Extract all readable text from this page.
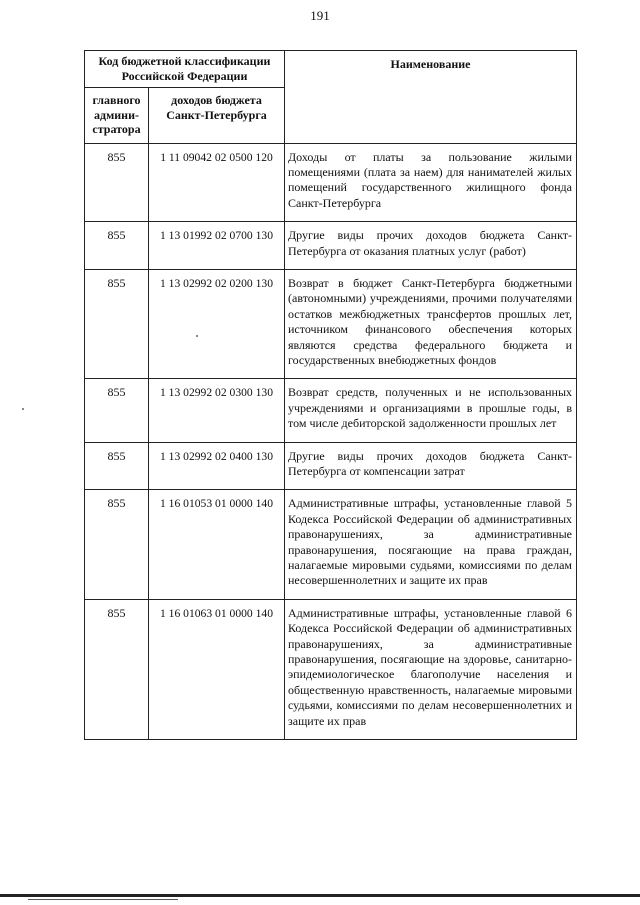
191
Код бюджетной классификации Российской Федерации		Наименование
главного админи-стратора	доходов бюджета Санкт-Петербурга	
855	1 11 09042 02 0500 120	Доходы от платы за пользование жилыми помещениями (плата за наем) для нанимателей жилых помещений государственного жилищного фонда Санкт-Петербурга
855	1 13 01992 02 0700 130	Другие виды прочих доходов бюджета Санкт-Петербурга от оказания платных услуг (работ)
855	1 13 02992 02 0200 130	Возврат в бюджет Санкт-Петербурга бюджетными (автономными) учреждениями, прочими получателями остатков межбюджетных трансфертов прошлых лет, источником финансового обеспечения которых являются средства федерального бюджета и государственных внебюджетных фондов
855	1 13 02992 02 0300 130	Возврат средств, полученных и не использованных учреждениями и организациями в прошлые годы, в том числе дебиторской задолженности прошлых лет
855	1 13 02992 02 0400 130	Другие виды прочих доходов бюджета Санкт-Петербурга от компенсации затрат
855	1 16 01053 01 0000 140	Административные штрафы, установленные главой 5 Кодекса Российской Федерации об административных правонарушениях, за административные правонарушения, посягающие на права граждан, налагаемые мировыми судьями, комиссиями по делам несовершеннолетних и защите их прав
855	1 16 01063 01 0000 140	Административные штрафы, установленные главой 6 Кодекса Российской Федерации об административных правонарушениях, за административные правонарушения, посягающие на здоровье, санитарно-эпидемиологическое благополучие населения и общественную нравственность, налагаемые мировыми судьями, комиссиями по делам несовершеннолетних и защите их прав
